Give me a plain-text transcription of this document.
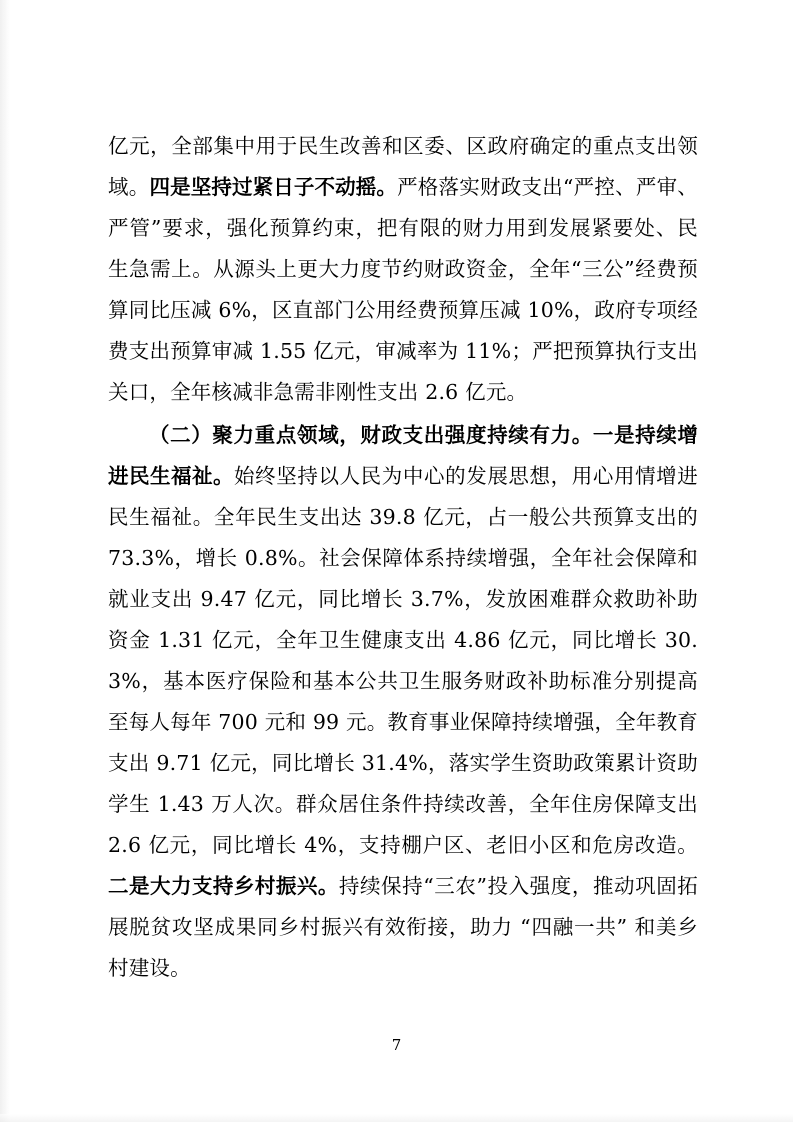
亿元，全部集中用于民生改善和区委、区政府确定的重点支出领域。四是坚持过紧日子不动摇。严格落实财政支出“严控、严审、严管”要求，强化预算约束，把有限的财力用到发展紧要处、民生急需上。从源头上更大力度节约财政资金，全年“三公”经费预算同比压减 6%，区直部门公用经费预算压减 10%，政府专项经费支出预算审减 1.55 亿元，审减率为 11%；严把预算执行支出关口，全年核减非急需非刚性支出 2.6 亿元。

（二）聚力重点领域，财政支出强度持续有力。一是持续增进民生福祉。始终坚持以人民为中心的发展思想，用心用情增进民生福祉。全年民生支出达 39.8 亿元，占一般公共预算支出的 73.3%，增长 0.8%。社会保障体系持续增强，全年社会保障和就业支出 9.47 亿元，同比增长 3.7%，发放困难群众救助补助资金 1.31 亿元，全年卫生健康支出 4.86 亿元，同比增长 30.3%，基本医疗保险和基本公共卫生服务财政补助标准分别提高至每人每年 700 元和 99 元。教育事业保障持续增强，全年教育支出 9.71 亿元，同比增长 31.4%，落实学生资助政策累计资助学生 1.43 万人次。群众居住条件持续改善，全年住房保障支出 2.6 亿元，同比增长 4%，支持棚户区、老旧小区和危房改造。二是大力支持乡村振兴。持续保持“三农”投入强度，推动巩固拓展脱贫攻坚成果同乡村振兴有效衔接，助力 “四融一共” 和美乡村建设。

7
